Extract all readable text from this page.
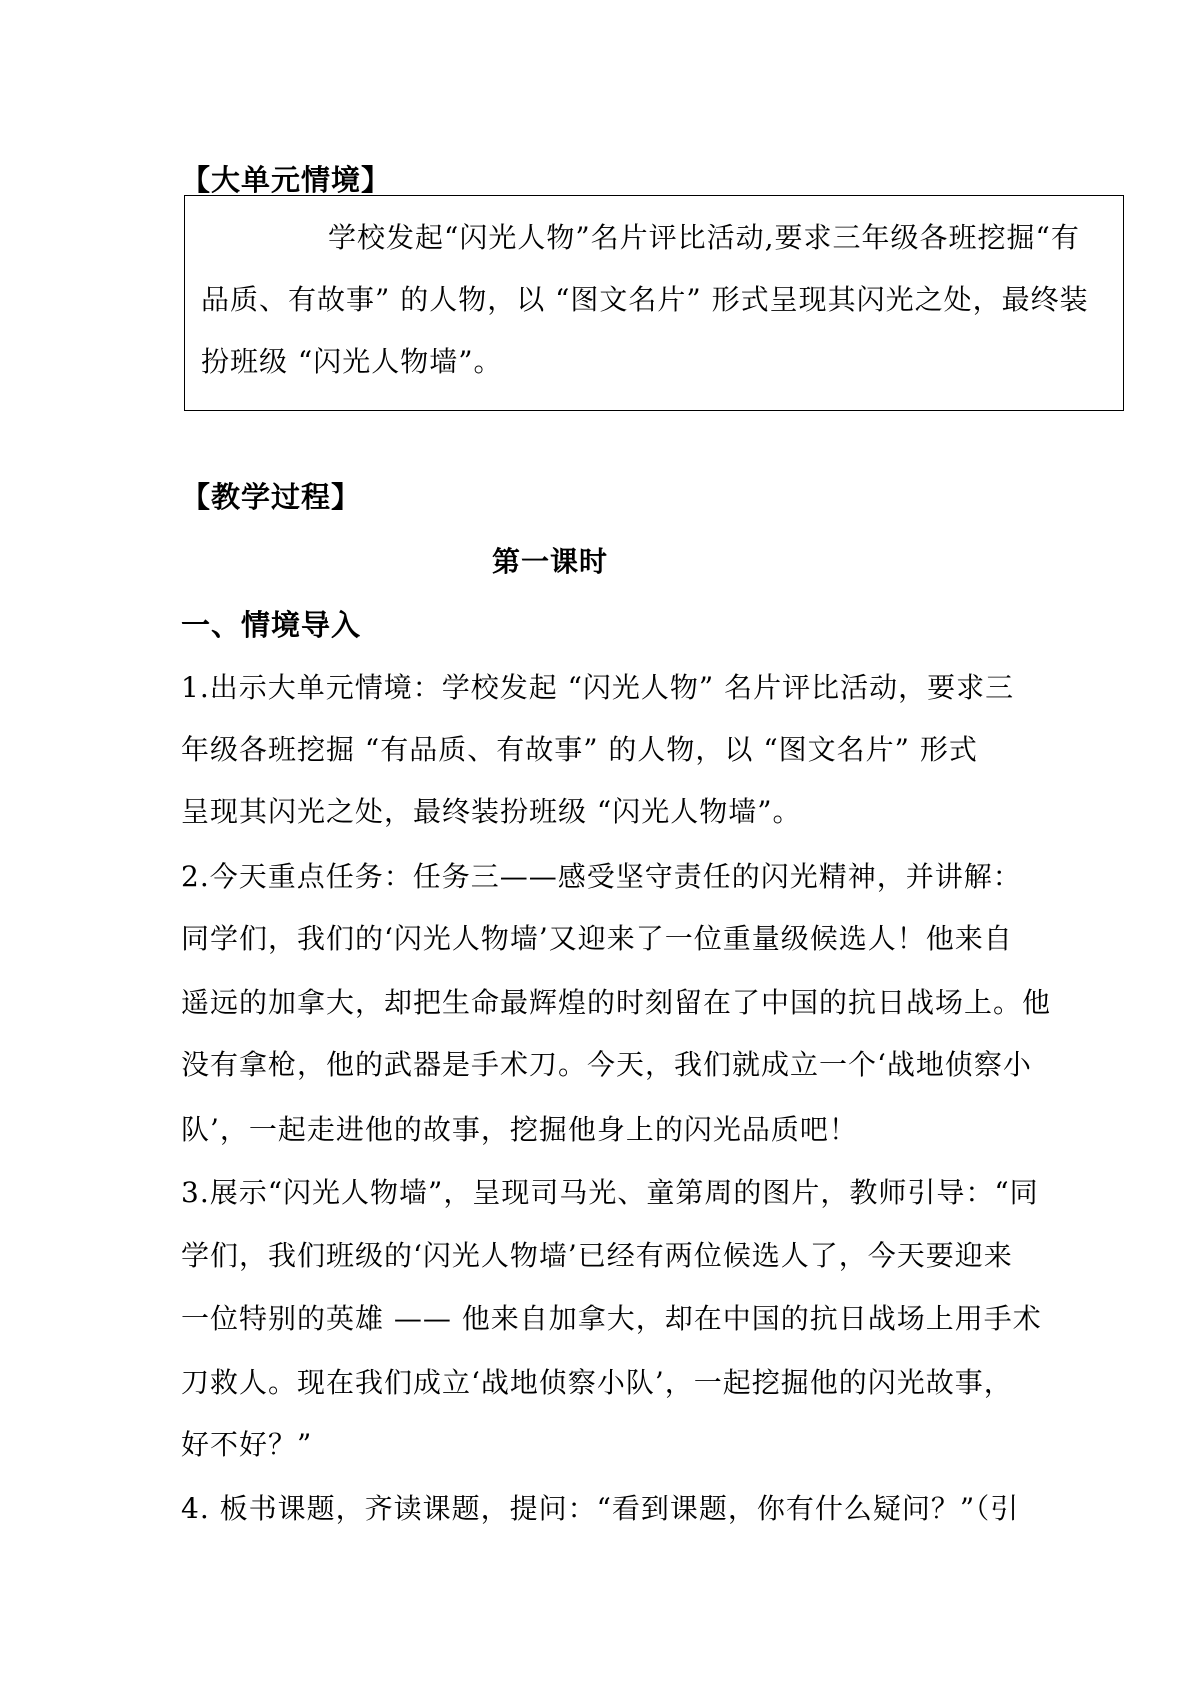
【大单元情境】
学校发起“闪光人物”名片评比活动,要求三年级各班挖掘“有
品质、有故事” 的人物，以 “图文名片” 形式呈现其闪光之处，最终装
扮班级 “闪光人物墙”。
【教学过程】
第一课时
一、情境导入
1.出示大单元情境：学校发起 “闪光人物” 名片评比活动，要求三
年级各班挖掘 “有品质、有故事” 的人物，以 “图文名片” 形式
呈现其闪光之处，最终装扮班级 “闪光人物墙”。
2.今天重点任务：任务三——感受坚守责任的闪光精神，并讲解：
同学们，我们的‘闪光人物墙’又迎来了一位重量级候选人！他来自
遥远的加拿大，却把生命最辉煌的时刻留在了中国的抗日战场上。他
没有拿枪，他的武器是手术刀。今天，我们就成立一个‘战地侦察小
队’，一起走进他的故事，挖掘他身上的闪光品质吧！
3.展示“闪光人物墙”，呈现司马光、童第周的图片，教师引导：“同
学们，我们班级的‘闪光人物墙’已经有两位候选人了，今天要迎来
一位特别的英雄 —— 他来自加拿大，却在中国的抗日战场上用手术
刀救人。现在我们成立‘战地侦察小队’，一起挖掘他的闪光故事，
好不好？”
4. 板书课题，齐读课题，提问：“看到课题，你有什么疑问？”（引
